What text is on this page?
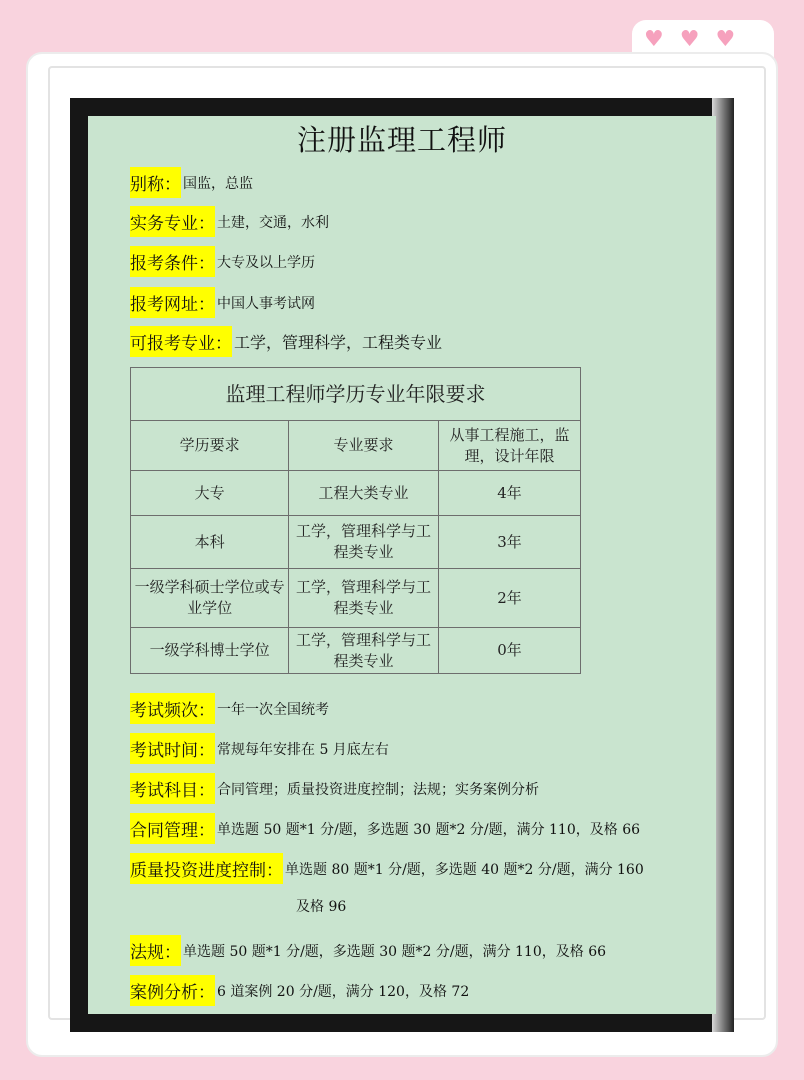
♥ ♥ ♥
注册监理工程师
别称 ： 国监，总监
实务专业 ： 土建，交通，水利
报考条件 ： 大专及以上学历
报考网址 ： 中国人事考试网
可报考专业 ： 工学，管理科学，工程类专业
监理工程师学历专业年限要求		
学历要求	专业要求	从事工程施工，监理，设计年限
大专	工程大类专业	4年
本科	工学，管理科学与工程类专业	3年
一级学科硕士学位或专业学位	工学，管理科学与工程类专业	2年
一级学科博士学位	工学，管理科学与工程类专业	0年
考试频次 ： 一年一次全国统考
考试时间 ： 常规每年安排在 5 月底左右
考试科目 ： 合同管理；质量投资进度控制；法规；实务案例分析
合同管理 ： 单选题 50 题*1 分/题，多选题 30 题*2 分/题，满分 110，及格 66
质量投资进度控制 ： 单选题 80 题*1 分/题，多选题 40 题*2 分/题，满分 160
及格 96
法规 ： 单选题 50 题*1 分/题，多选题 30 题*2 分/题，满分 110，及格 66
案例分析 ： 6 道案例 20 分/题，满分 120，及格 72
